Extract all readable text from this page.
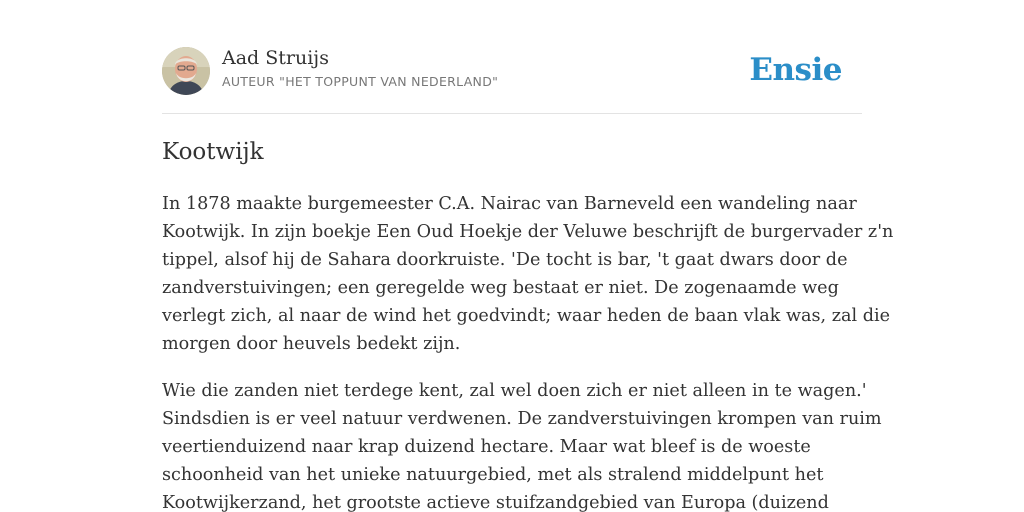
Aad Struijs
AUTEUR "HET TOPPUNT VAN NEDERLAND"	Ensie
Kootwijk

In 1878 maakte burgemeester C.A. Nairac van Barneveld een wandeling naar
Kootwijk. In zijn boekje Een Oud Hoekje der Veluwe beschrijft de burgervader z'n
tippel, alsof hij de Sahara doorkruiste. 'De tocht is bar, 't gaat dwars door de
zandverstuivingen; een geregelde weg bestaat er niet. De zogenaamde weg
verlegt zich, al naar de wind het goedvindt; waar heden de baan vlak was, zal die
morgen door heuvels bedekt zijn.

Wie die zanden niet terdege kent, zal wel doen zich er niet alleen in te wagen.'
Sindsdien is er veel natuur verdwenen. De zandverstuivingen krompen van ruim
veertienduizend naar krap duizend hectare. Maar wat bleef is de woeste
schoonheid van het unieke natuurgebied, met als stralend middelpunt het
Kootwijkerzand, het grootste actieve stuifzandgebied van Europa (duizend
